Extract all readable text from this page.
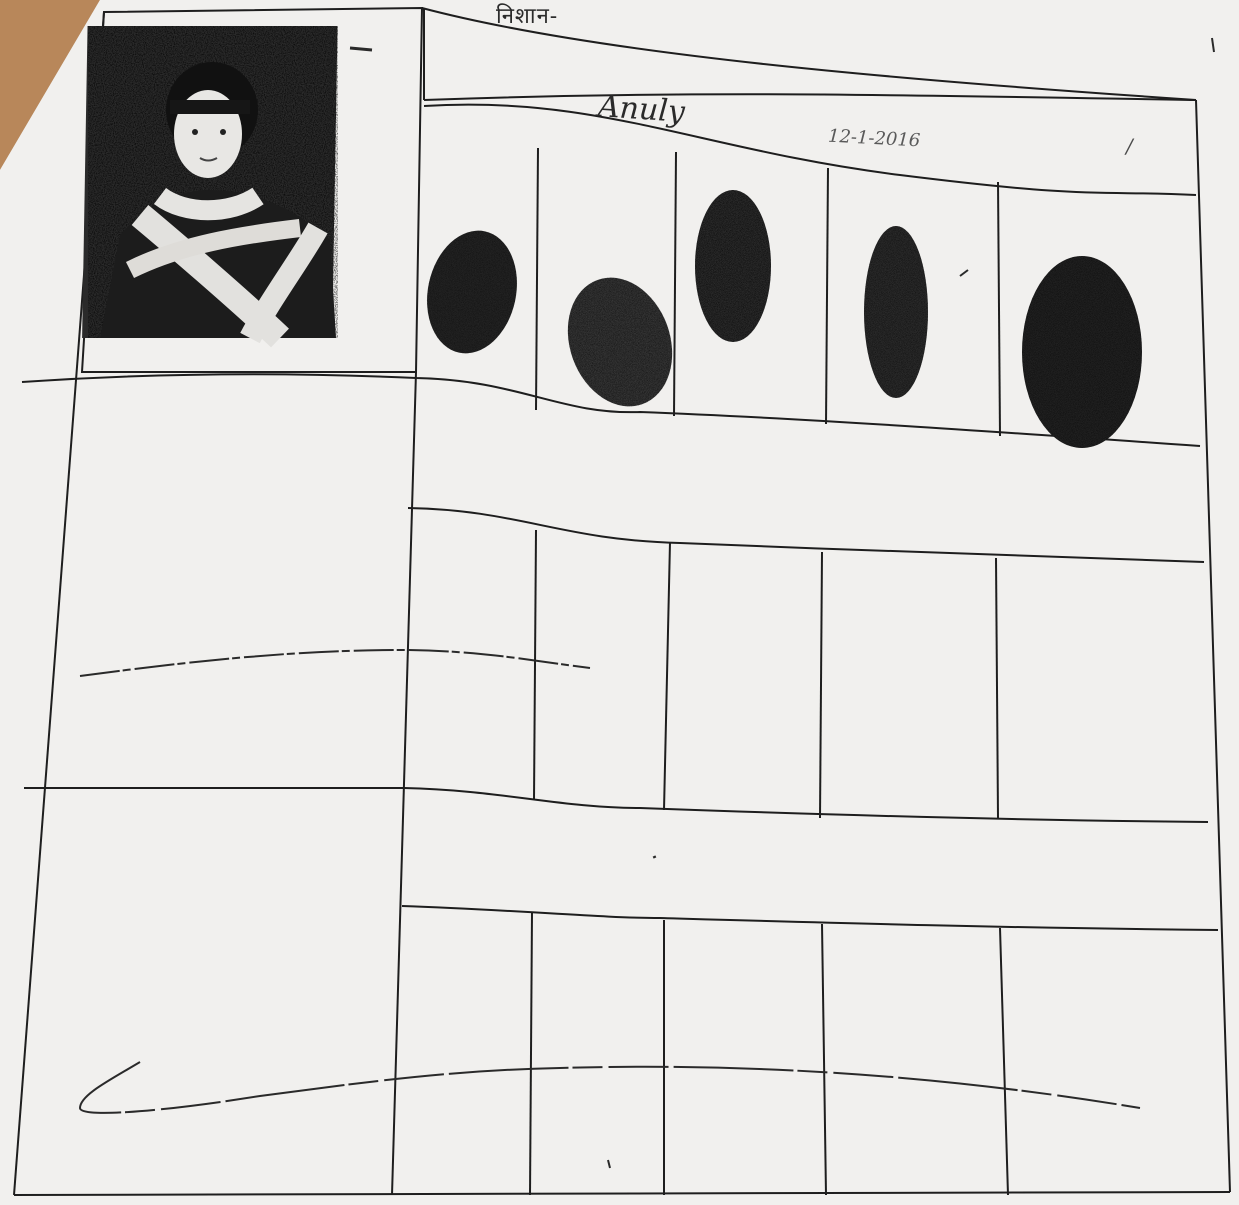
निशान-
Anuly
12-1-2016	/
